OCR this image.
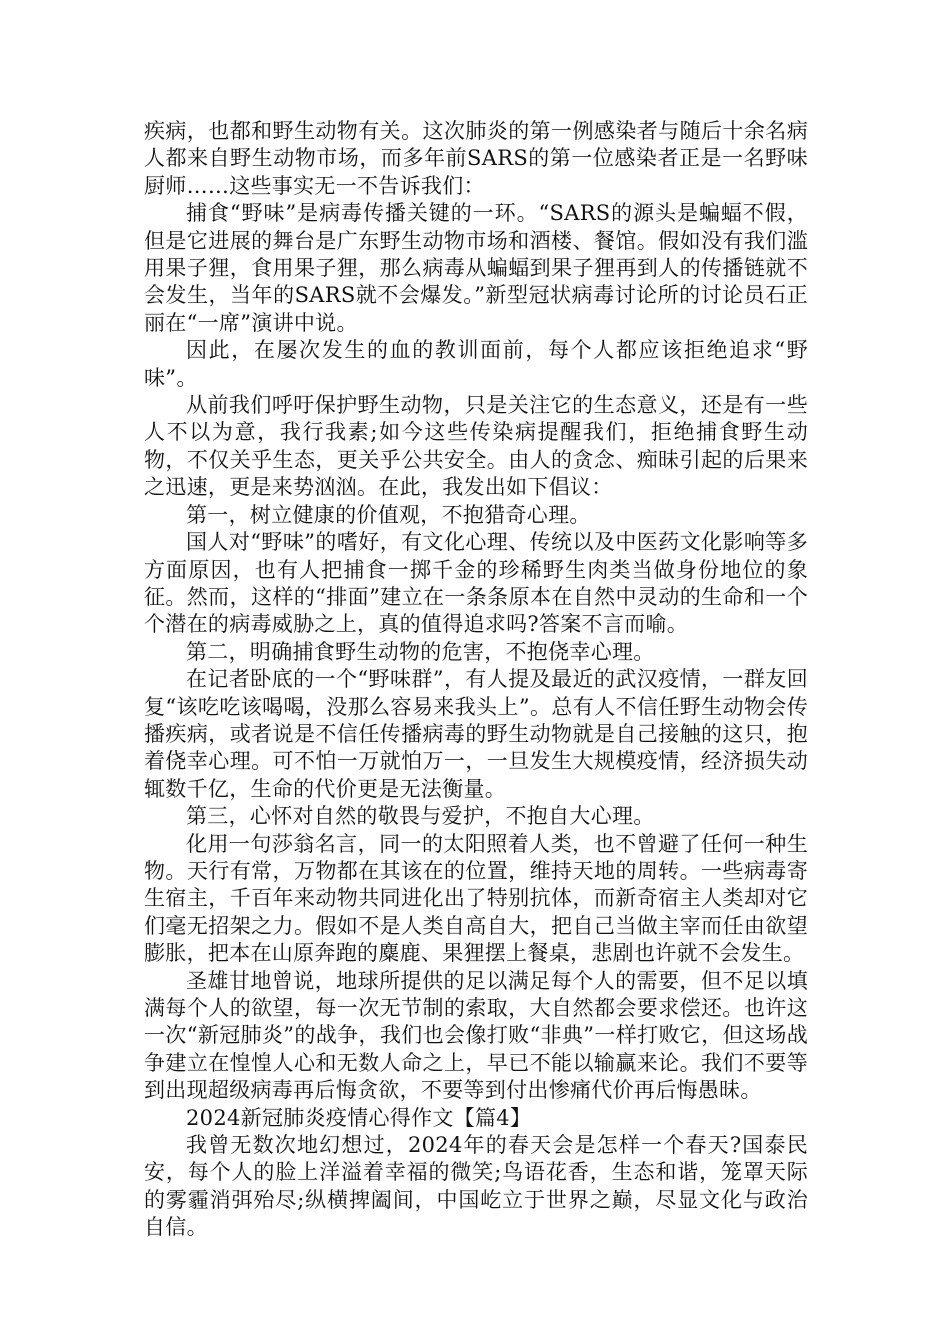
疾病，也都和野生动物有关。这次肺炎的第一例感染者与随后十余名病人都来自野生动物市场，而多年前SARS的第一位感染者正是一名野味厨师……这些事实无一不告诉我们：

捕食“野味”是病毒传播关键的一环。“SARS的源头是蝙蝠不假，但是它进展的舞台是广东野生动物市场和酒楼、餐馆。假如没有我们滥用果子狸，食用果子狸，那么病毒从蝙蝠到果子狸再到人的传播链就不会发生，当年的SARS就不会爆发。”新型冠状病毒讨论所的讨论员石正丽在“一席”演讲中说。

因此，在屡次发生的血的教训面前，每个人都应该拒绝追求“野味”。

从前我们呼吁保护野生动物，只是关注它的生态意义，还是有一些人不以为意，我行我素;如今这些传染病提醒我们，拒绝捕食野生动物，不仅关乎生态，更关乎公共安全。由人的贪念、痴昧引起的后果来之迅速，更是来势汹汹。在此，我发出如下倡议：

第一，树立健康的价值观，不抱猎奇心理。

国人对“野味”的嗜好，有文化心理、传统以及中医药文化影响等多方面原因，也有人把捕食一掷千金的珍稀野生肉类当做身份地位的象征。然而，这样的“排面”建立在一条条原本在自然中灵动的生命和一个个潜在的病毒威胁之上，真的值得追求吗?答案不言而喻。

第二，明确捕食野生动物的危害，不抱侥幸心理。

在记者卧底的一个“野味群”，有人提及最近的武汉疫情，一群友回复“该吃吃该喝喝，没那么容易来我头上”。总有人不信任野生动物会传播疾病，或者说是不信任传播病毒的野生动物就是自己接触的这只，抱着侥幸心理。可不怕一万就怕万一，一旦发生大规模疫情，经济损失动辄数千亿，生命的代价更是无法衡量。

第三，心怀对自然的敬畏与爱护，不抱自大心理。

化用一句莎翁名言，同一的太阳照着人类，也不曾避了任何一种生物。天行有常，万物都在其该在的位置，维持天地的周转。一些病毒寄生宿主，千百年来动物共同进化出了特别抗体，而新奇宿主人类却对它们毫无招架之力。假如不是人类自高自大，把自己当做主宰而任由欲望膨胀，把本在山原奔跑的麋鹿、果狸摆上餐桌，悲剧也许就不会发生。

圣雄甘地曾说，地球所提供的足以满足每个人的需要，但不足以填满每个人的欲望，每一次无节制的索取，大自然都会要求偿还。也许这一次“新冠肺炎”的战争，我们也会像打败“非典”一样打败它，但这场战争建立在惶惶人心和无数人命之上，早已不能以输赢来论。我们不要等到出现超级病毒再后悔贪欲，不要等到付出惨痛代价再后悔愚昧。

2024新冠肺炎疫情心得作文【篇4】

我曾无数次地幻想过，2024年的春天会是怎样一个春天?国泰民安，每个人的脸上洋溢着幸福的微笑;鸟语花香，生态和谐，笼罩天际的雾霾消弭殆尽;纵横捭阖间，中国屹立于世界之巅，尽显文化与政治自信。
